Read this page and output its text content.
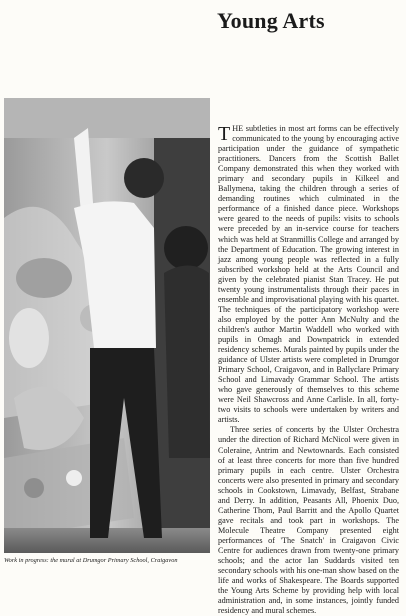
Young Arts
Work in progress: the mural at Drumgor Primary School, Craigavon

THE subtleties in most art forms can be effectively communicated to the young by encouraging active participation under the guidance of sympathetic practitioners. Dancers from the Scottish Ballet Company demonstrated this when they worked with primary and secondary pupils in Kilkeel and Ballymena, taking the children through a series of demanding routines which culminated in the performance of a finished dance piece. Workshops were geared to the needs of pupils: visits to schools were preceded by an in-service course for teachers which was held at Stranmillis College and arranged by the Department of Education. The growing interest in jazz among young people was reflected in a fully subscribed workshop held at the Arts Council and given by the celebrated pianist Stan Tracey. He put twenty young instrumentalists through their paces in ensemble and improvisational playing with his quartet. The techniques of the participatory workshop were also employed by the potter Ann McNulty and the children's author Martin Waddell who worked with pupils in Omagh and Downpatrick in extended residency schemes. Murals painted by pupils under the guidance of Ulster artists were completed in Drumgor Primary School, Craigavon, and in Ballyclare Primary School and Limavady Grammar School. The artists who gave generously of themselves to this scheme were Neil Shawcross and Anne Carlisle. In all, forty-two visits to schools were undertaken by writers and artists.

Three series of concerts by the Ulster Orchestra under the direction of Richard McNicol were given in Coleraine, Antrim and Newtownards. Each consisted of at least three concerts for more than five hundred primary pupils in each centre. Ulster Orchestra concerts were also presented in primary and secondary schools in Cookstown, Limavady, Belfast, Strabane and Derry. In addition, Peasants All, Phoenix Duo, Catherine Thom, Paul Barritt and the Apollo Quartet gave recitals and took part in workshops. The Molecule Theatre Company presented eight performances of 'The Snatch' in Craigavon Civic Centre for audiences drawn from twenty-one primary schools; and the actor Ian Suddards visited ten secondary schools with his one-man show based on the life and works of Shakespeare. The Boards supported the Young Arts Scheme by providing help with local administration and, in some instances, jointly funded residency and mural schemes.
